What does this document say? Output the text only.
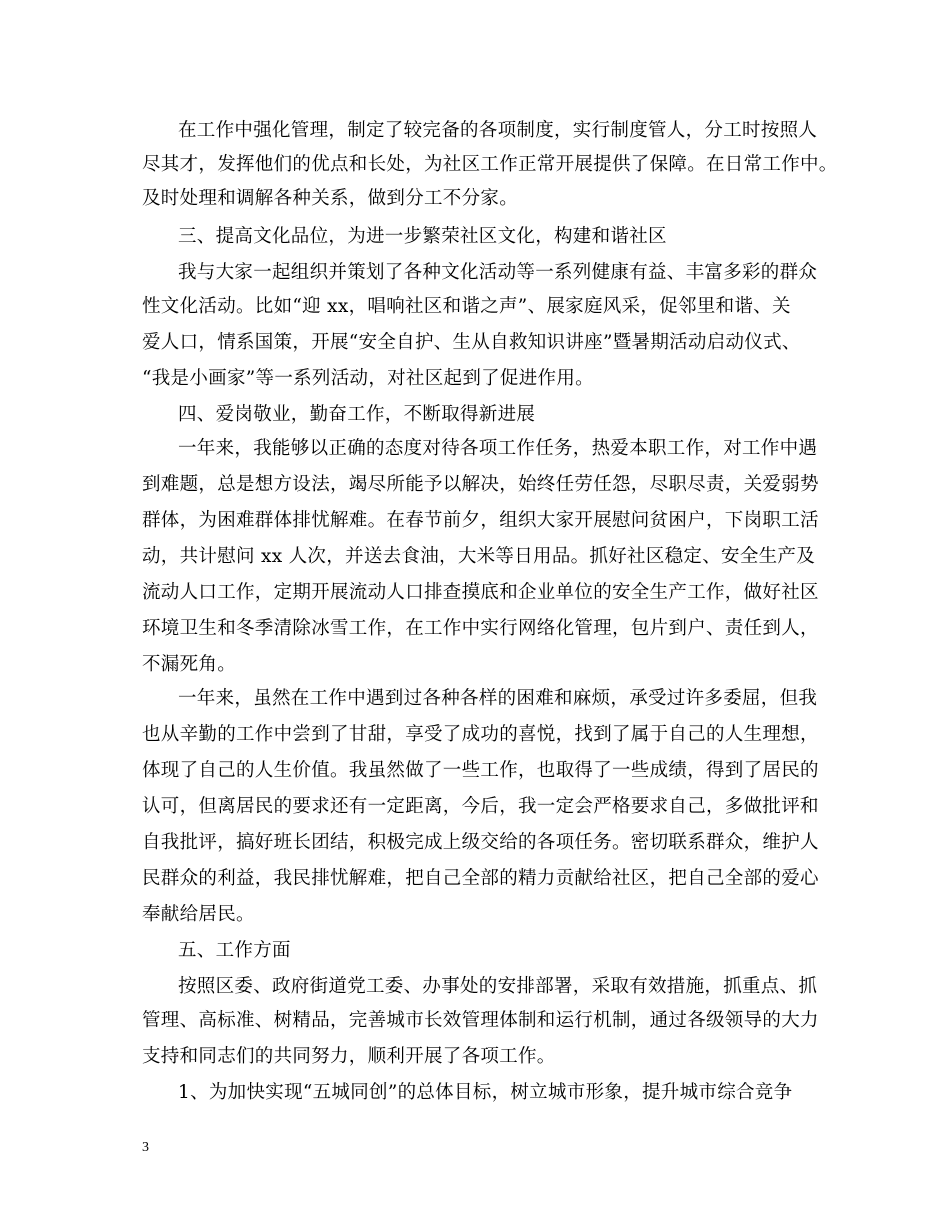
在工作中强化管理，制定了较完备的各项制度，实行制度管人，分工时按照人
尽其才，发挥他们的优点和长处，为社区工作正常开展提供了保障。在日常工作中。
及时处理和调解各种关系，做到分工不分家。
三、提高文化品位，为进一步繁荣社区文化，构建和谐社区
我与大家一起组织并策划了各种文化活动等一系列健康有益、丰富多彩的群众
性文化活动。比如“迎 xx，唱响社区和谐之声”、展家庭风采，促邻里和谐、关
爱人口，情系国策，开展“安全自护、生从自救知识讲座”暨暑期活动启动仪式、
“我是小画家”等一系列活动，对社区起到了促进作用。
四、爱岗敬业，勤奋工作，不断取得新进展
一年来，我能够以正确的态度对待各项工作任务，热爱本职工作，对工作中遇
到难题，总是想方设法，竭尽所能予以解决，始终任劳任怨，尽职尽责，关爱弱势
群体，为困难群体排忧解难。在春节前夕，组织大家开展慰问贫困户，下岗职工活
动，共计慰问 xx 人次，并送去食油，大米等日用品。抓好社区稳定、安全生产及
流动人口工作，定期开展流动人口排查摸底和企业单位的安全生产工作，做好社区
环境卫生和冬季清除冰雪工作，在工作中实行网络化管理，包片到户、责任到人，
不漏死角。
一年来，虽然在工作中遇到过各种各样的困难和麻烦，承受过许多委屈，但我
也从辛勤的工作中尝到了甘甜，享受了成功的喜悦，找到了属于自己的人生理想，
体现了自己的人生价值。我虽然做了一些工作，也取得了一些成绩，得到了居民的
认可，但离居民的要求还有一定距离，今后，我一定会严格要求自己，多做批评和
自我批评，搞好班长团结，积极完成上级交给的各项任务。密切联系群众，维护人
民群众的利益，我民排忧解难，把自己全部的精力贡献给社区，把自己全部的爱心
奉献给居民。
五、工作方面
按照区委、政府街道党工委、办事处的安排部署，采取有效措施，抓重点、抓
管理、高标准、树精品，完善城市长效管理体制和运行机制，通过各级领导的大力
支持和同志们的共同努力，顺利开展了各项工作。
1、为加快实现“五城同创”的总体目标，树立城市形象，提升城市综合竞争
3
